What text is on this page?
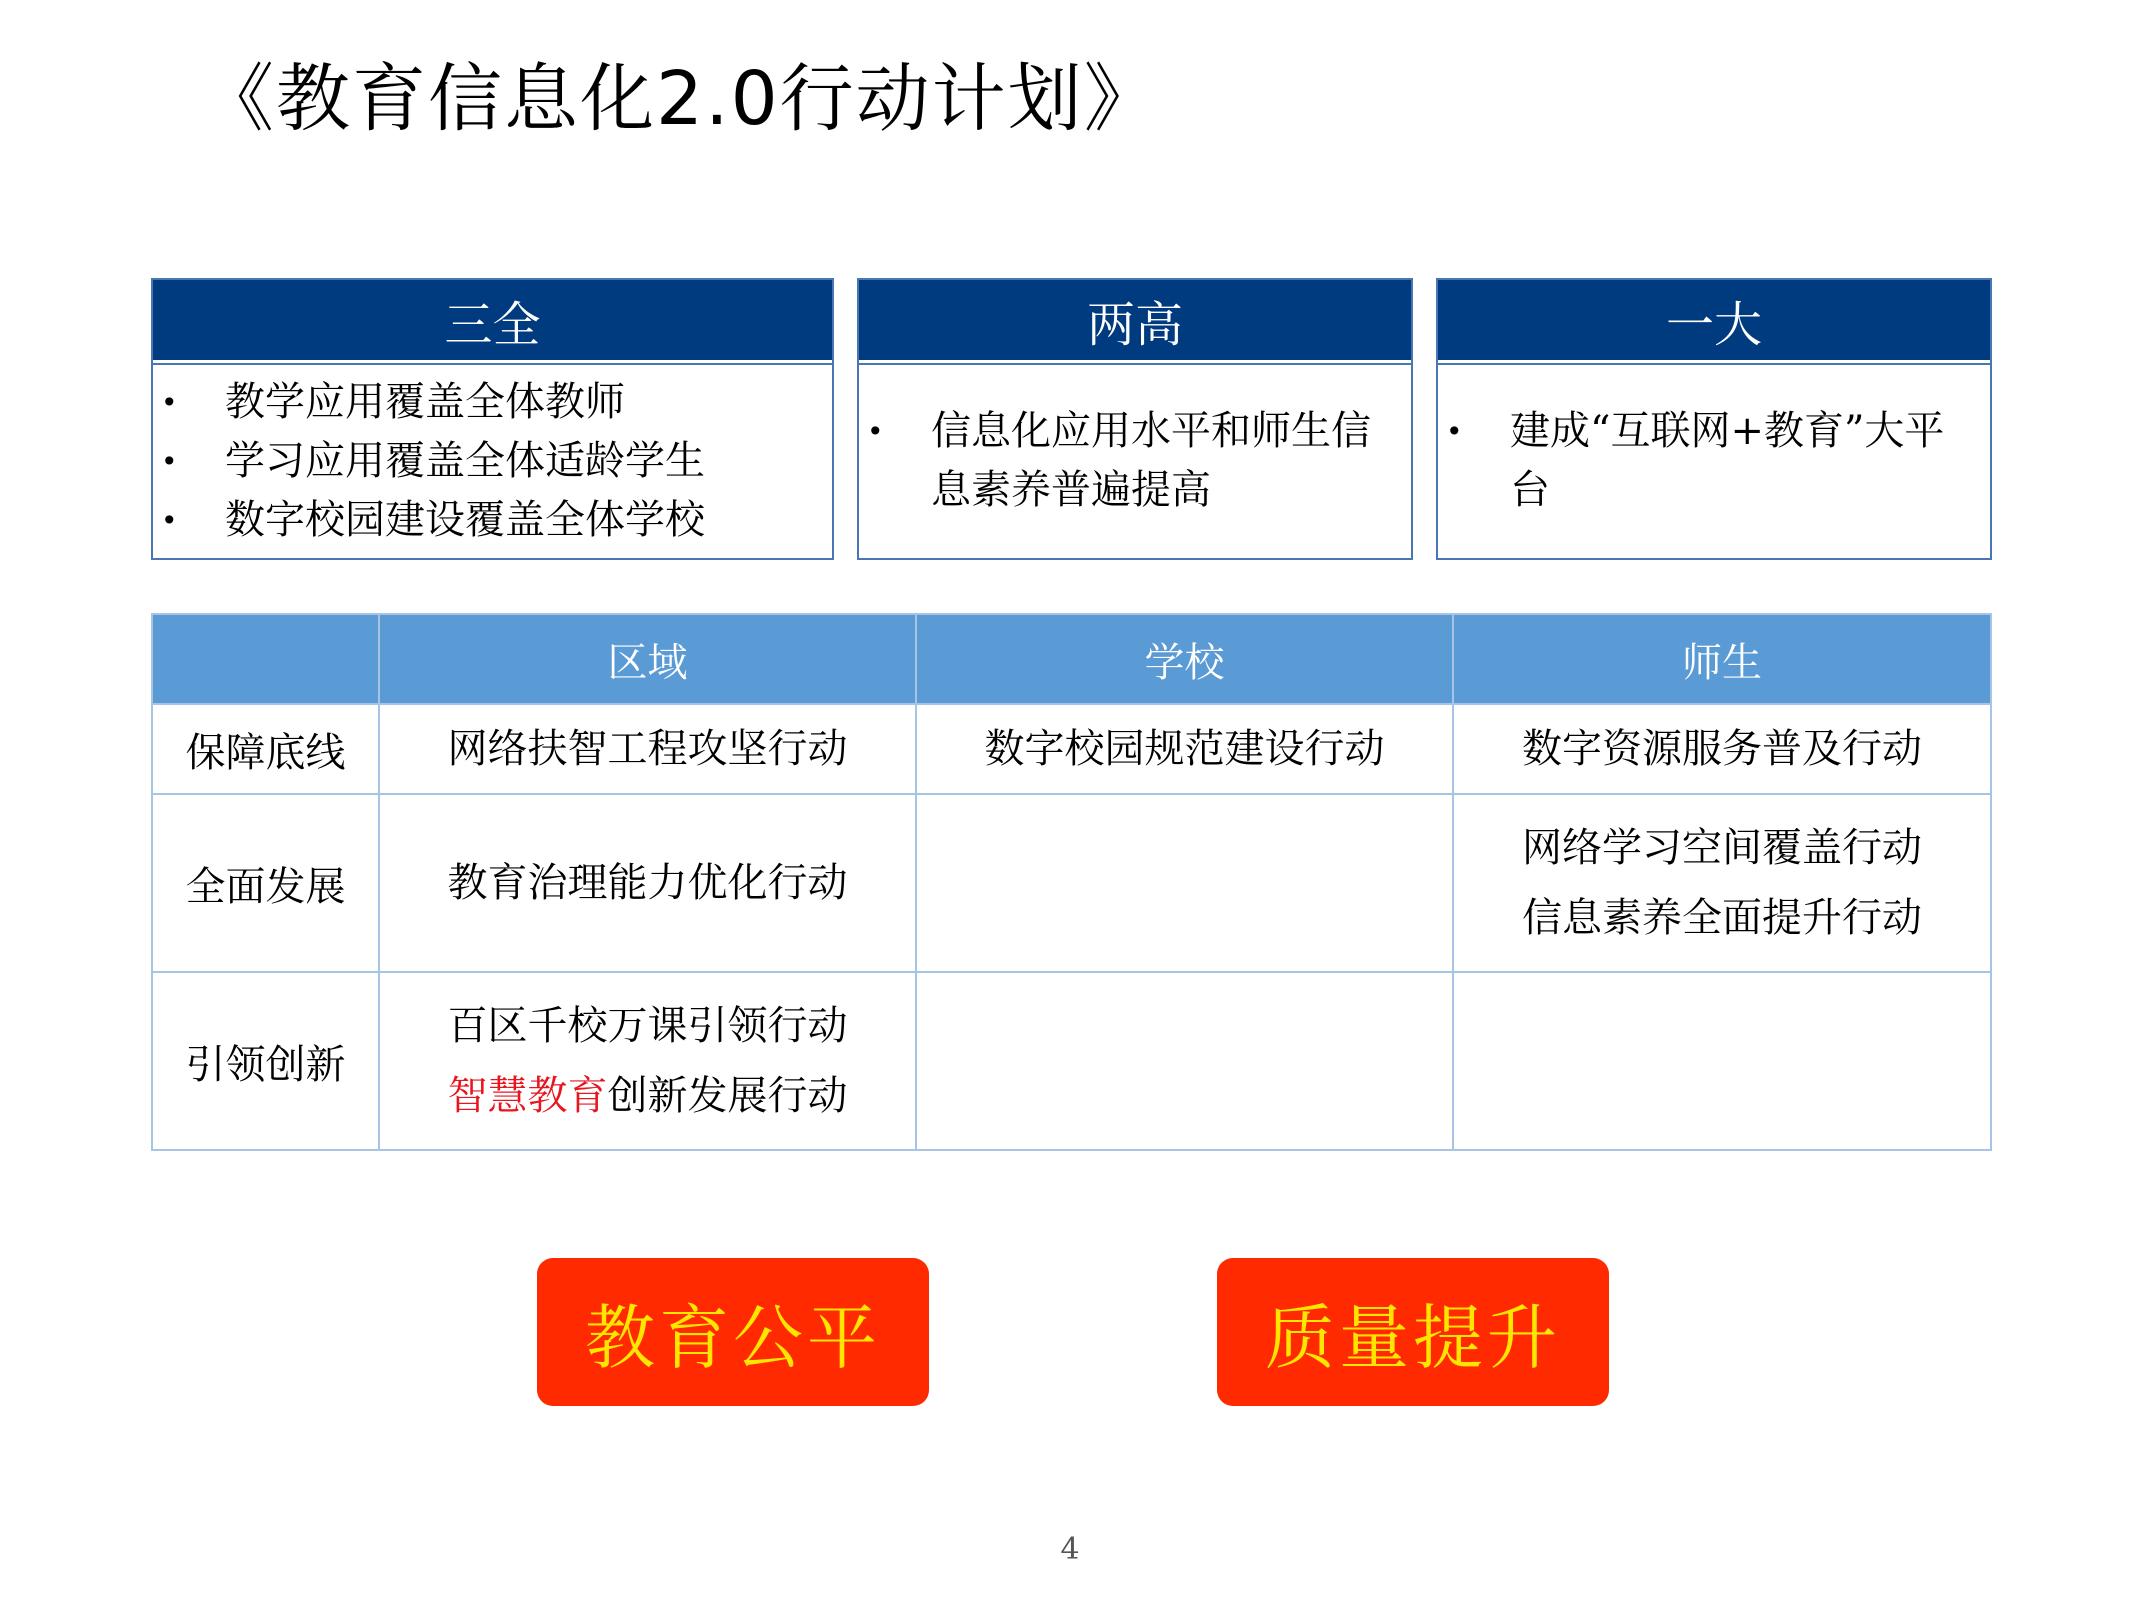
《教育信息化2.0行动计划》
三全
•	教学应用覆盖全体教师
•	学习应用覆盖全体适龄学生
•	数字校园建设覆盖全体学校
两高
•	信息化应用水平和师生信息素养普遍提高
一大
•	建成“互联网+教育”大平台
	区域	学校	师生
保障底线	网络扶智工程攻坚行动	数字校园规范建设行动	数字资源服务普及行动

全面发展	教育治理能力优化行动		网络学习空间覆盖行动
信息素养全面提升行动

引领创新	百区千校万课引领行动
智慧教育创新发展行动		

教育公平	质量提升
4
